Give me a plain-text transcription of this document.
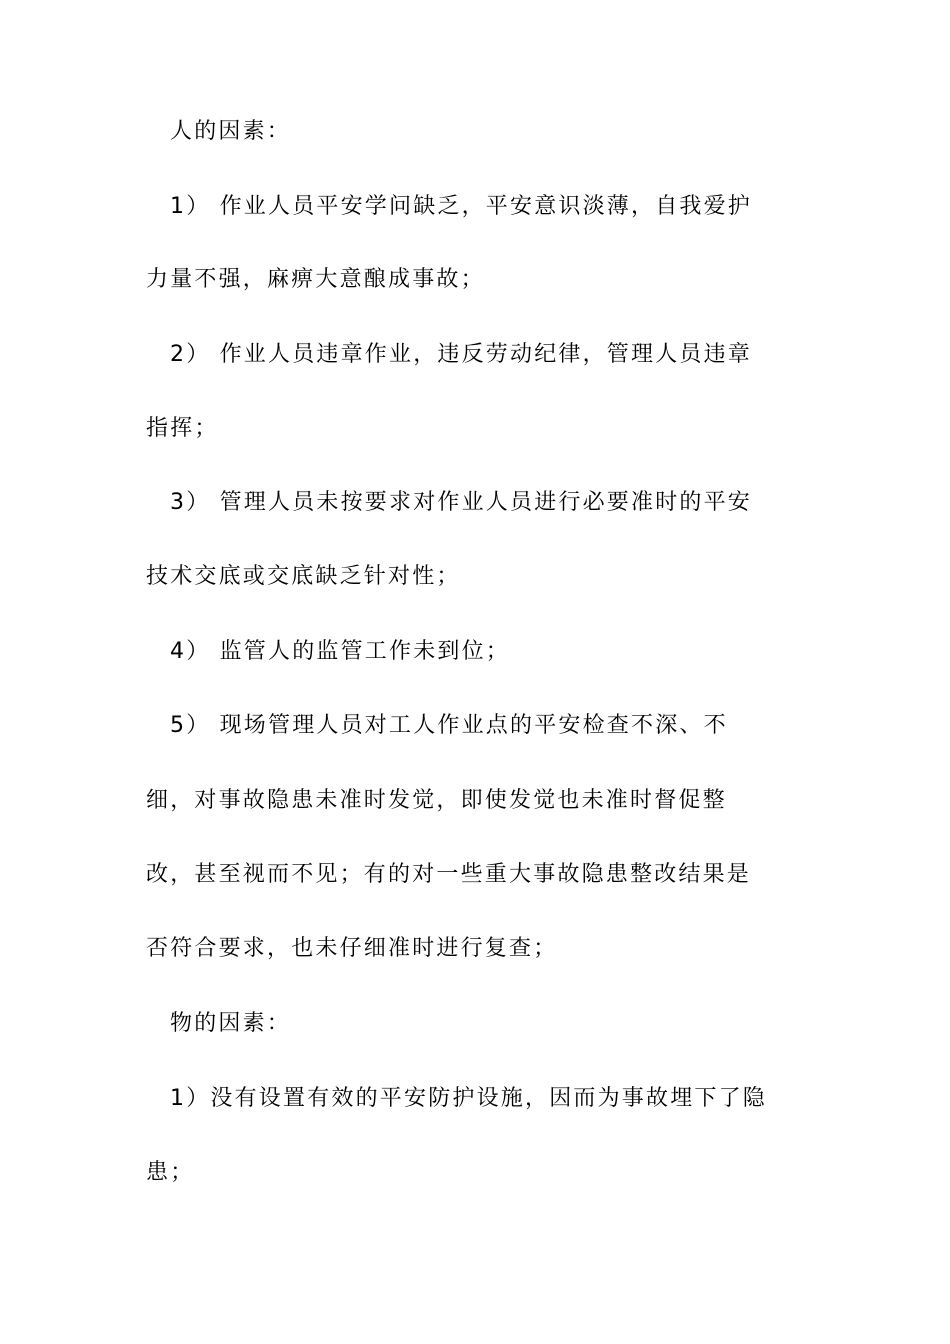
人的因素：
1） 作业人员平安学问缺乏，平安意识淡薄，自我爱护
力量不强，麻痹大意酿成事故；
2） 作业人员违章作业，违反劳动纪律，管理人员违章
指挥；
3） 管理人员未按要求对作业人员进行必要准时的平安
技术交底或交底缺乏针对性；
4） 监管人的监管工作未到位；
5） 现场管理人员对工人作业点的平安检查不深、不
细，对事故隐患未准时发觉，即使发觉也未准时督促整
改，甚至视而不见；有的对一些重大事故隐患整改结果是
否符合要求，也未仔细准时进行复查；
物的因素：
1）没有设置有效的平安防护设施，因而为事故埋下了隐
患；
